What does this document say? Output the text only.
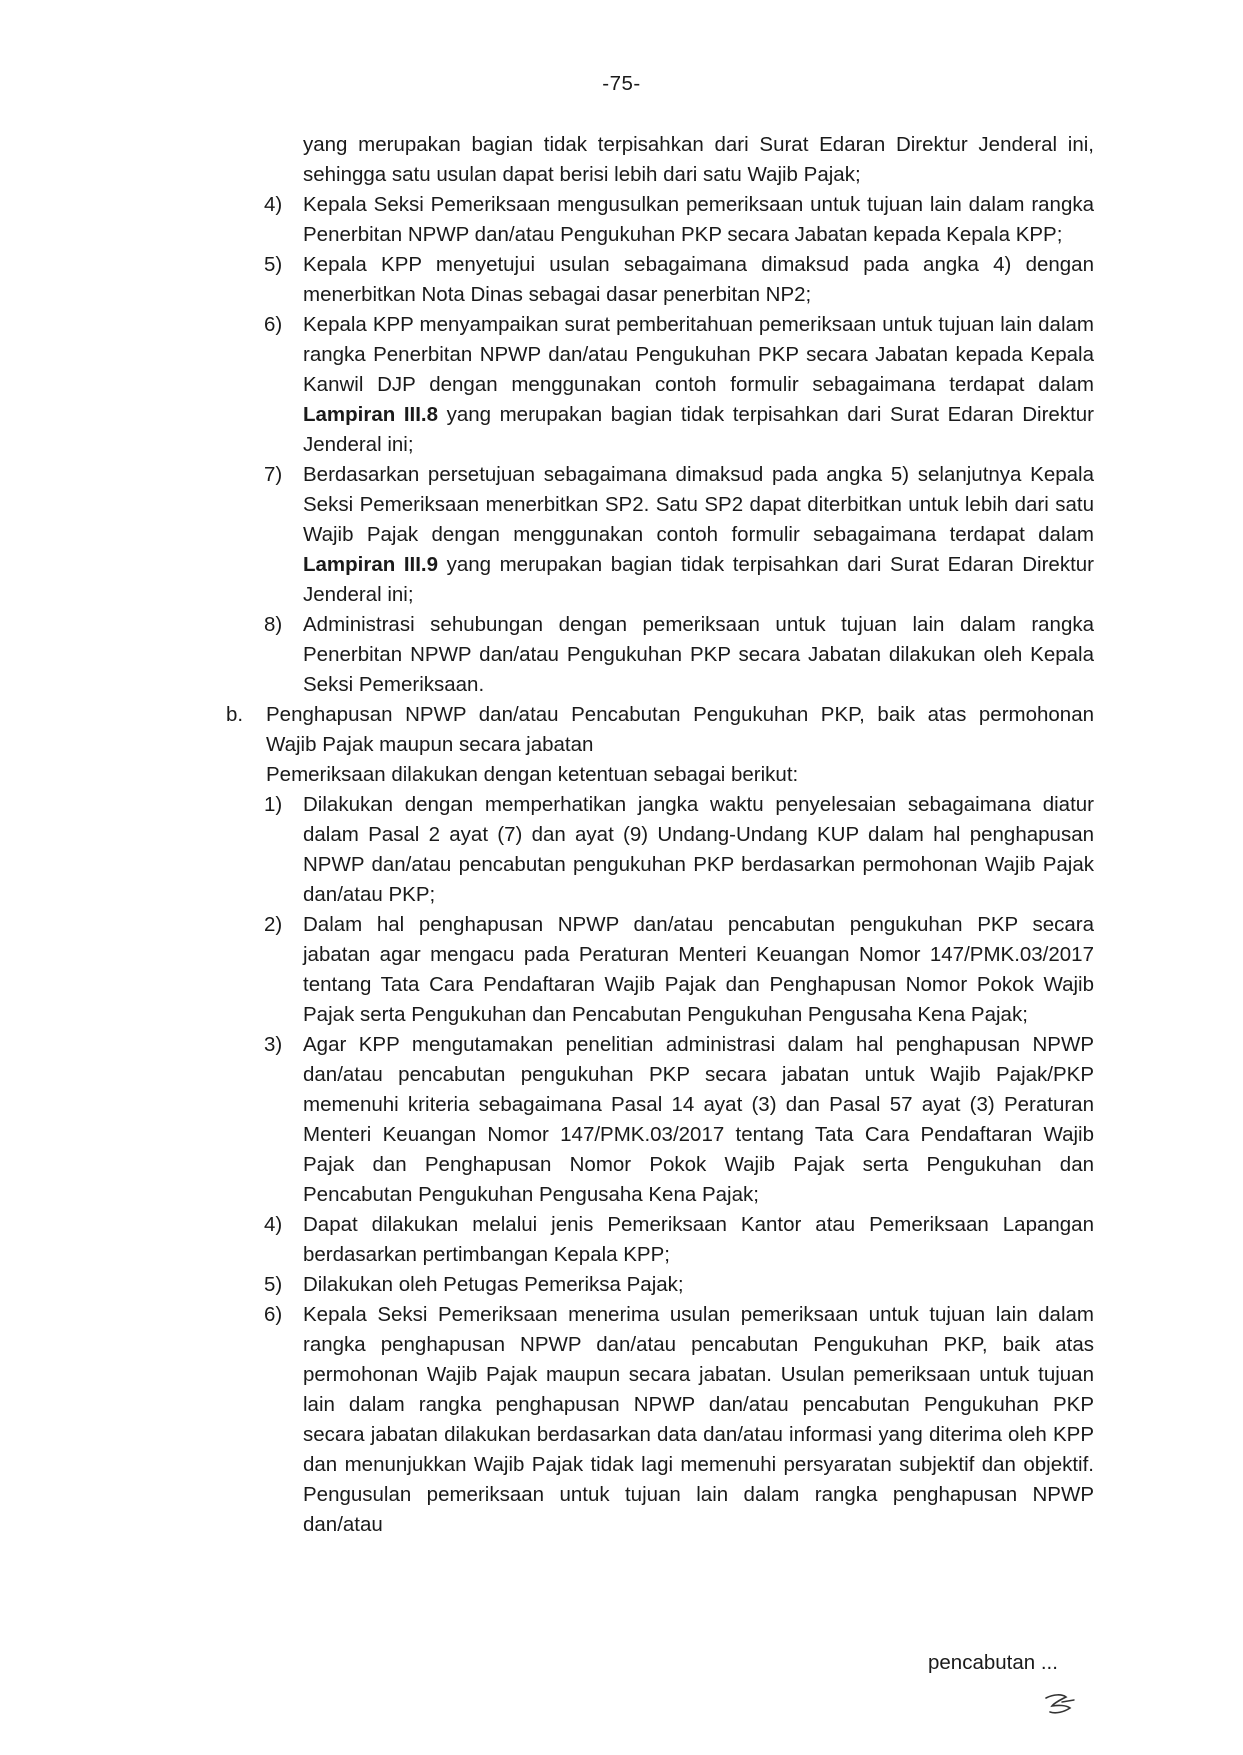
-75-

yang merupakan bagian tidak terpisahkan dari Surat Edaran Direktur Jenderal ini, sehingga satu usulan dapat berisi lebih dari satu Wajib Pajak;

4) Kepala Seksi Pemeriksaan mengusulkan pemeriksaan untuk tujuan lain dalam rangka Penerbitan NPWP dan/atau Pengukuhan PKP secara Jabatan kepada Kepala KPP;
5) Kepala KPP menyetujui usulan sebagaimana dimaksud pada angka 4) dengan menerbitkan Nota Dinas sebagai dasar penerbitan NP2;
6) Kepala KPP menyampaikan surat pemberitahuan pemeriksaan untuk tujuan lain dalam rangka Penerbitan NPWP dan/atau Pengukuhan PKP secara Jabatan kepada Kepala Kanwil DJP dengan menggunakan contoh formulir sebagaimana terdapat dalam Lampiran III.8 yang merupakan bagian tidak terpisahkan dari Surat Edaran Direktur Jenderal ini;
7) Berdasarkan persetujuan sebagaimana dimaksud pada angka 5) selanjutnya Kepala Seksi Pemeriksaan menerbitkan SP2. Satu SP2 dapat diterbitkan untuk lebih dari satu Wajib Pajak dengan menggunakan contoh formulir sebagaimana terdapat dalam Lampiran III.9 yang merupakan bagian tidak terpisahkan dari Surat Edaran Direktur Jenderal ini;
8) Administrasi sehubungan dengan pemeriksaan untuk tujuan lain dalam rangka Penerbitan NPWP dan/atau Pengukuhan PKP secara Jabatan dilakukan oleh Kepala Seksi Pemeriksaan.
b. Penghapusan NPWP dan/atau Pencabutan Pengukuhan PKP, baik atas permohonan Wajib Pajak maupun secara jabatan

Pemeriksaan dilakukan dengan ketentuan sebagai berikut:

1) Dilakukan dengan memperhatikan jangka waktu penyelesaian sebagaimana diatur dalam Pasal 2 ayat (7) dan ayat (9) Undang-Undang KUP dalam hal penghapusan NPWP dan/atau pencabutan pengukuhan PKP berdasarkan permohonan Wajib Pajak dan/atau PKP;
2) Dalam hal penghapusan NPWP dan/atau pencabutan pengukuhan PKP secara jabatan agar mengacu pada Peraturan Menteri Keuangan Nomor 147/PMK.03/2017 tentang Tata Cara Pendaftaran Wajib Pajak dan Penghapusan Nomor Pokok Wajib Pajak serta Pengukuhan dan Pencabutan Pengukuhan Pengusaha Kena Pajak;
3) Agar KPP mengutamakan penelitian administrasi dalam hal penghapusan NPWP dan/atau pencabutan pengukuhan PKP secara jabatan untuk Wajib Pajak/PKP memenuhi kriteria sebagaimana Pasal 14 ayat (3) dan Pasal 57 ayat (3) Peraturan Menteri Keuangan Nomor 147/PMK.03/2017 tentang Tata Cara Pendaftaran Wajib Pajak dan Penghapusan Nomor Pokok Wajib Pajak serta Pengukuhan dan Pencabutan Pengukuhan Pengusaha Kena Pajak;
4) Dapat dilakukan melalui jenis Pemeriksaan Kantor atau Pemeriksaan Lapangan berdasarkan pertimbangan Kepala KPP;
5) Dilakukan oleh Petugas Pemeriksa Pajak;
6) Kepala Seksi Pemeriksaan menerima usulan pemeriksaan untuk tujuan lain dalam rangka penghapusan NPWP dan/atau pencabutan Pengukuhan PKP, baik atas permohonan Wajib Pajak maupun secara jabatan. Usulan pemeriksaan untuk tujuan lain dalam rangka penghapusan NPWP dan/atau pencabutan Pengukuhan PKP secara jabatan dilakukan berdasarkan data dan/atau informasi yang diterima oleh KPP dan menunjukkan Wajib Pajak tidak lagi memenuhi persyaratan subjektif dan objektif. Pengusulan pemeriksaan untuk tujuan lain dalam rangka penghapusan NPWP dan/atau
pencabutan ...
